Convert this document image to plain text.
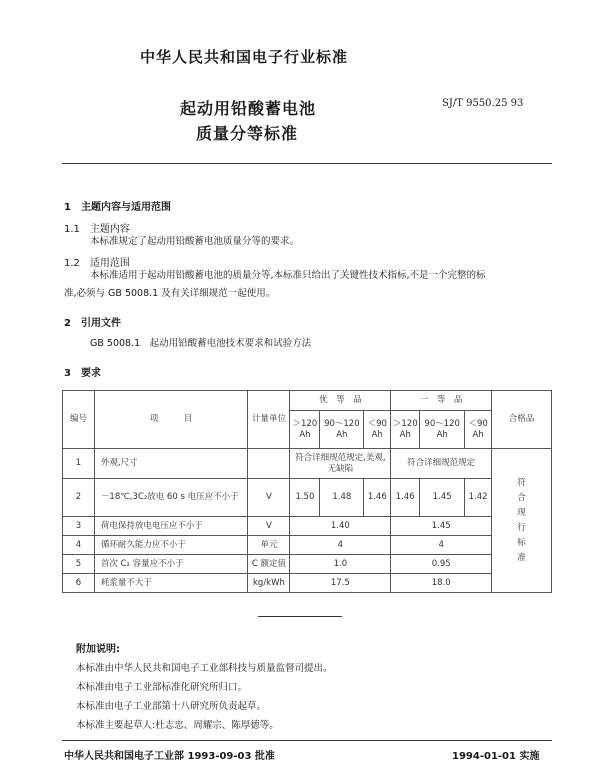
中华人民共和国电子行业标准
起动用铅酸蓄电池
质量分等标准
SJ/T 9550.25 93
1　主题内容与适用范围
1.1　主题内容
本标准规定了起动用铅酸蓄电池质量分等的要求。
1.2　适用范围
本标准适用于起动用铅酸蓄电池的质量分等,本标准只给出了关键性技术指标,不是一个完整的标
准,必须与 GB 5008.1 及有关详细规范一起使用。
2　引用文件
GB 5008.1　起动用铅酸蓄电池技术要求和试验方法
3　要求
编号	项　　　目	计量单位	优　等　品			一　等　品			合格品
			＞120 Ah	90～120 Ah	＜90 Ah	＞120 Ah	90～120 Ah	＜90 Ah	
1	外观,尺寸		符合详细规范规定,美观,无缺陷			符合详细规范规定			符合现行标准
2	－18℃,3C₂放电 60 s 电压应不小于	V	1.50	1.48	1.46	1.46	1.45	1.42	
3	荷电保持放电电压应不小于	V	1.40			1.45			
4	循环耐久能力应不小于	单元	4			4			
5	首次 C₂ 容量应不小于	C 额定值	1.0			0.95			
6	耗浆量不大于	kg/kWh	17.5			18.0			
附加说明:
本标准由中华人民共和国电子工业部科技与质量监督司提出。
本标准由电子工业部标准化研究所归口。
本标准由电子工业部第十八研究所负责起草。
本标准主要起草人:杜志忠、周耀宗、陈厚德等。
中华人民共和国电子工业部 1993-09-03 批准	1994-01-01 实施
